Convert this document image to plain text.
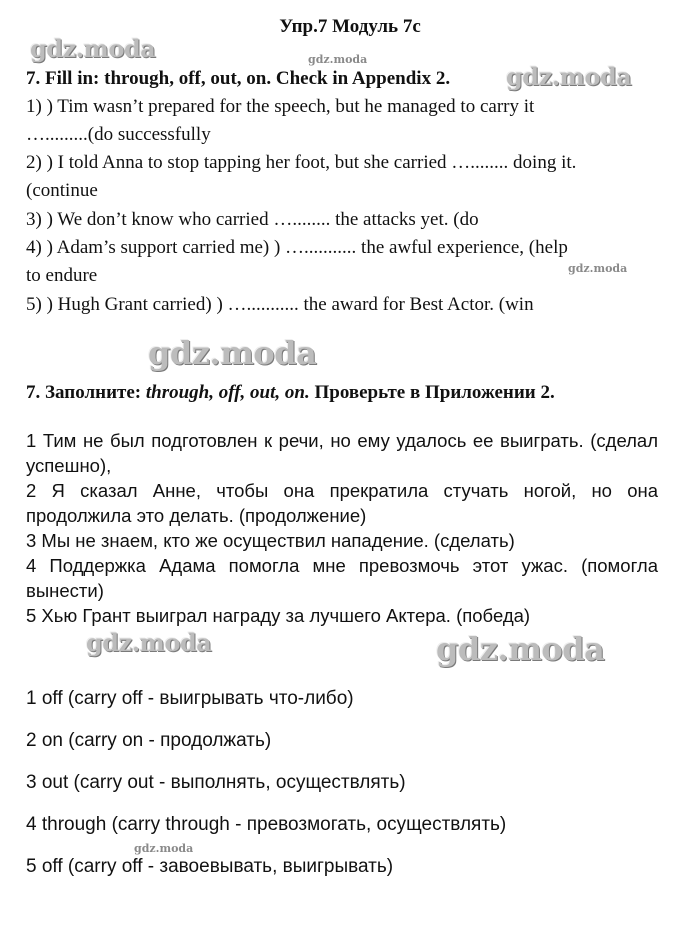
gdz.moda	gdz.moda
gdz.moda
gdz.moda
gdz.moda
gdz.moda	gdz.moda
gdz.moda
Упр.7 Модуль 7c
7. Fill in: through, off, out, on. Check in Appendix 2.
1) ) Tim wasn’t prepared for the speech, but he managed to carry it
….........(do successfully
2) ) I told Anna to stop tapping her foot, but she carried …........ doing it.
(continue
3) ) We don’t know who carried …........ the attacks yet. (do
4) ) Adam’s support carried me) ) …........... the awful experience, (help
to endure
5) ) Hugh Grant carried) ) …........... the award for Best Actor. (win
7. Заполните: through, off, out, on. Проверьте в Приложении 2.
1 Тим не был подготовлен к речи, но ему удалось ее выиграть. (сделал успешно),
2 Я сказал Анне, чтобы она прекратила стучать ногой, но она продолжила это делать. (продолжение)
3 Мы не знаем, кто же осуществил нападение. (сделать)
4 Поддержка Адама помогла мне превозмочь этот ужас. (помогла вынести)
5 Хью Грант выиграл награду за лучшего Актера. (победа)
1 off (carry off - выигрывать что-либо)
2 on (carry on - продолжать)
3 out (carry out - выполнять, осуществлять)
4 through (carry through - превозмогать, осуществлять)
5 off (carry off - завоевывать, выигрывать)
